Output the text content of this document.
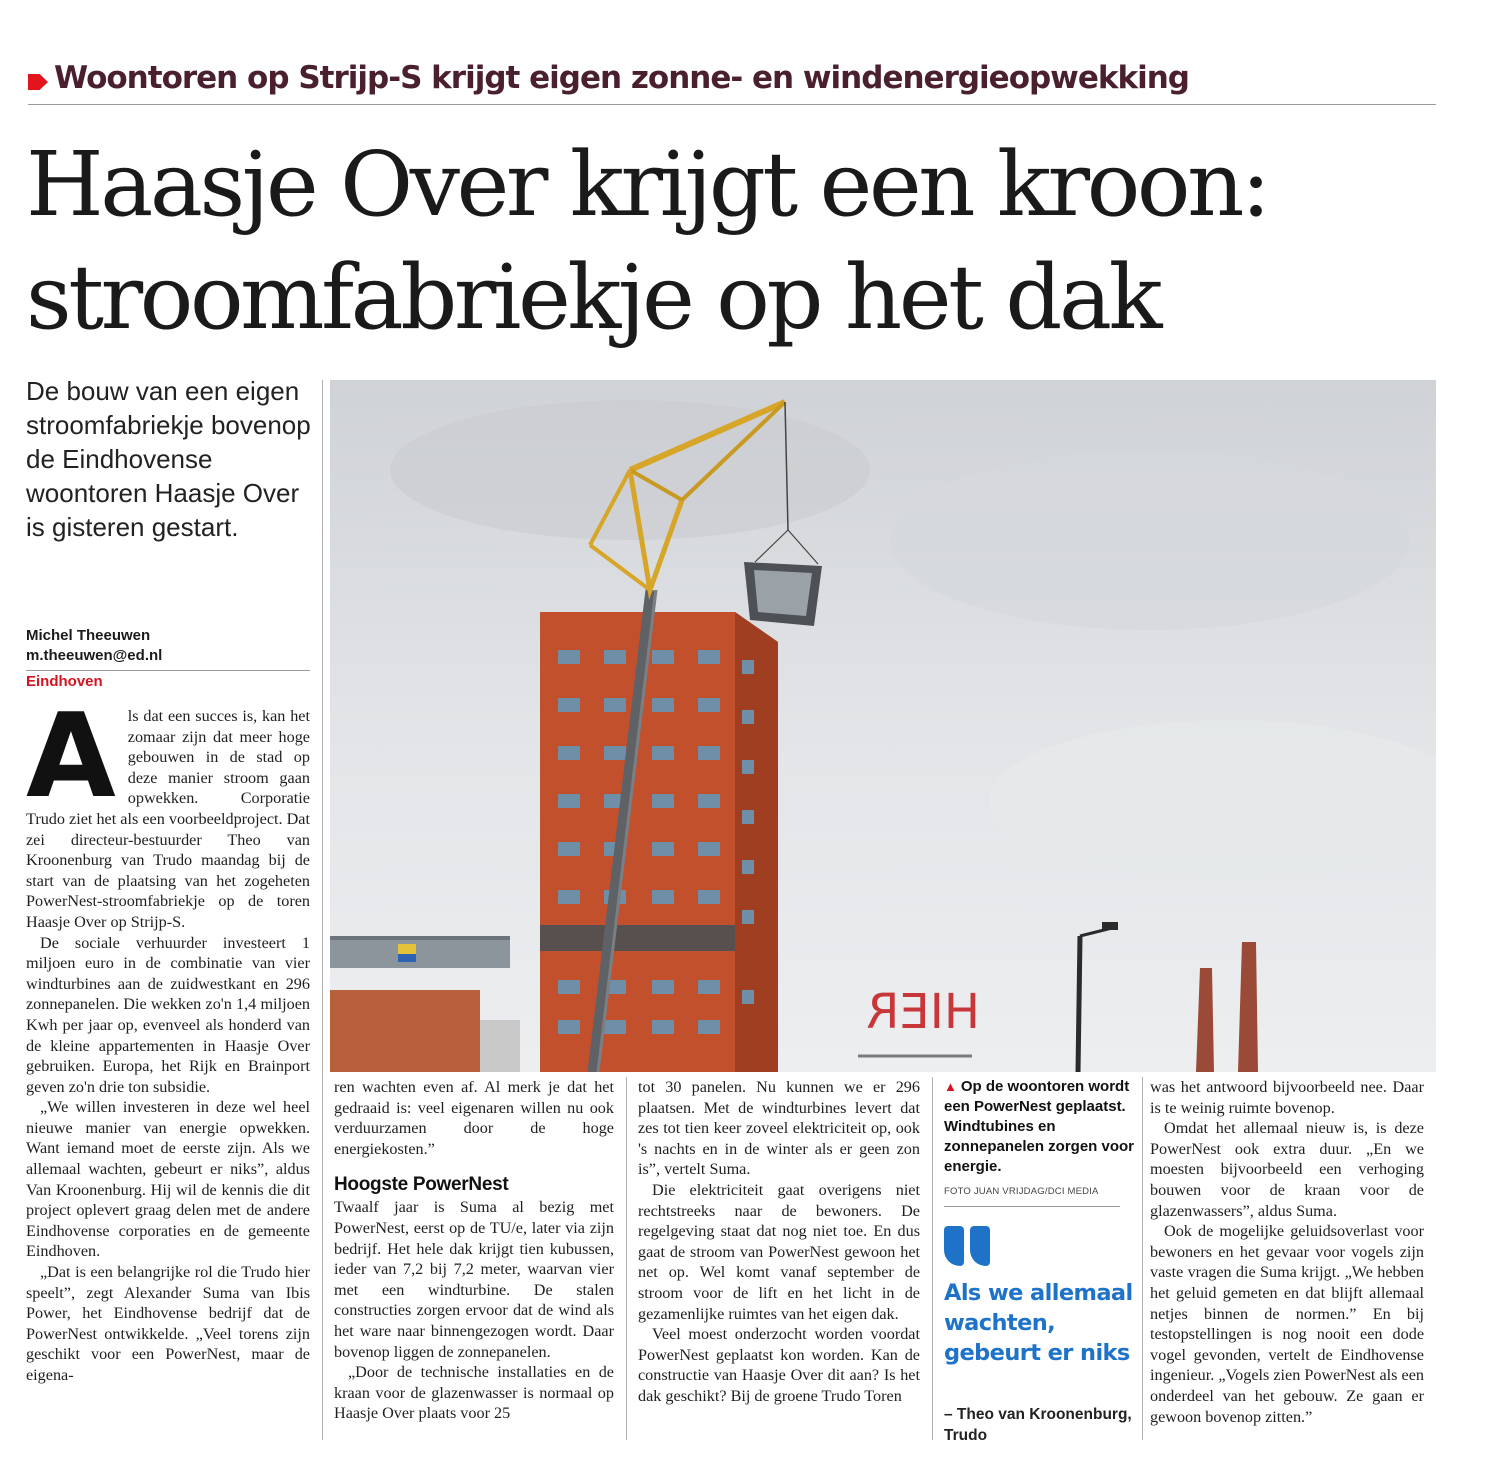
Woontoren op Strijp-S krijgt eigen zonne- en windenergieopwekking
Haasje Over krijgt een kroon:
stroomfabriekje op het dak
De bouw van een eigen stroomfabriekje bovenop de Eindhovense woontoren Haasje Over is gisteren gestart.
Michel Theeuwen
m.theeuwen@ed.nl
Eindhoven

Als dat een succes is, kan het zomaar zijn dat meer hoge gebouwen in de stad op deze manier stroom gaan opwekken. Corporatie Trudo ziet het als een voorbeeldproject. Dat zei directeur-bestuurder Theo van Kroonenburg van Trudo maandag bij de start van de plaatsing van het zogeheten PowerNest-stroomfabriekje op de toren Haasje Over op Strijp-S.

De sociale verhuurder investeert 1 miljoen euro in de combinatie van vier windturbines aan de zuidwestkant en 296 zonnepanelen. Die wekken zo'n 1,4 miljoen Kwh per jaar op, evenveel als honderd van de kleine appartementen in Haasje Over gebruiken. Europa, het Rijk en Brainport geven zo'n drie ton subsidie.

„We willen investeren in deze wel heel nieuwe manier van energie opwekken. Want iemand moet de eerste zijn. Als we allemaal wachten, gebeurt er niks”, aldus Van Kroonenburg. Hij wil de kennis die dit project oplevert graag delen met de andere Eindhovense corporaties en de gemeente Eindhoven.

„Dat is een belangrijke rol die Trudo hier speelt”, zegt Alexander Suma van Ibis Power, het Eindhovense bedrijf dat de PowerNest ontwikkelde. „Veel torens zijn geschikt voor een PowerNest, maar de eigena-

HIER

ren wachten even af. Al merk je dat het gedraaid is: veel eigenaren willen nu ook verduurzamen door de hoge energiekosten.”

Hoogste PowerNest

Twaalf jaar is Suma al bezig met PowerNest, eerst op de TU/e, later via zijn bedrijf. Het hele dak krijgt tien kubussen, ieder van 7,2 bij 7,2 meter, waarvan vier met een windturbine. De stalen constructies zorgen ervoor dat de wind als het ware naar binnengezogen wordt. Daar bovenop liggen de zonnepanelen.

„Door de technische installaties en de kraan voor de glazenwasser is normaal op Haasje Over plaats voor 25

tot 30 panelen. Nu kunnen we er 296 plaatsen. Met de windturbines levert dat zes tot tien keer zoveel elektriciteit op, ook 's nachts en in de winter als er geen zon is”, vertelt Suma.

Die elektriciteit gaat overigens niet rechtstreeks naar de bewoners. De regelgeving staat dat nog niet toe. En dus gaat de stroom van PowerNest gewoon het net op. Wel komt vanaf september de stroom voor de lift en het licht in de gezamenlijke ruimtes van het eigen dak.

Veel moest onderzocht worden voordat PowerNest geplaatst kon worden. Kan de constructie van Haasje Over dit aan? Is het dak geschikt? Bij de groene Trudo Toren

▲ Op de woontoren wordt een PowerNest geplaatst. Windtubines en zonnepanelen zorgen voor energie.
FOTO JUAN VRIJDAG/DCI MEDIA
Als we allemaal wachten, gebeurt er niks
– Theo van Kroonenburg, Trudo

was het antwoord bijvoorbeeld nee. Daar is te weinig ruimte bovenop.

Omdat het allemaal nieuw is, is deze PowerNest ook extra duur. „En we moesten bijvoorbeeld een verhoging bouwen voor de kraan voor de glazenwassers”, aldus Suma.

Ook de mogelijke geluidsoverlast voor bewoners en het gevaar voor vogels zijn vaste vragen die Suma krijgt. „We hebben het geluid gemeten en dat blijft allemaal netjes binnen de normen.” En bij testopstellingen is nog nooit een dode vogel gevonden, vertelt de Eindhovense ingenieur. „Vogels zien PowerNest als een onderdeel van het gebouw. Ze gaan er gewoon bovenop zitten.”
